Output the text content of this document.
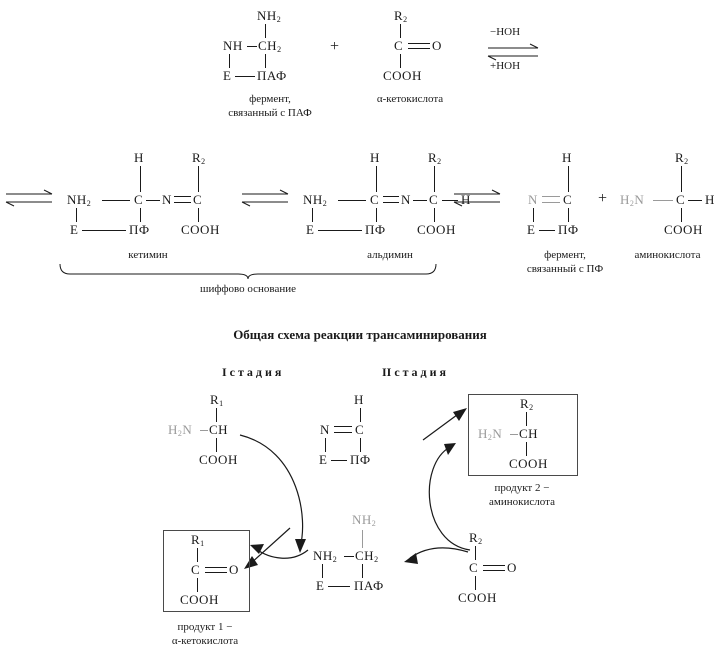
$NH_2$
NH $CH_2$
E ПАФ
фермент,
связанный с ПАФ
+
$R_2$
C O
COOH
α-кетокислота
−HOH
+HOH
H	$R_2$
$NH_2$	C N C
E	ПФ COOH
кетимин
H	$R_2$
$NH_2$	C N C H
E	ПФ COOH
альдимин
шиффово основание
H
N C
E ПФ
фермент,
связанный с ПФ
+
$R_2$
$H_2N$ C H
COOH
аминокислота
Общая схема реакции трансаминирования
I с т а д и я	II с т а д и я
$R_1$
$H_2N$ CH
COOH
$R_2$
C O
COOH
H
N C
E ПФ
$NH_2$
$NH_2$ $CH_2$
E ПАФ
$R_2$
$H_2N$ CH
COOH
продукт 2 −
аминокислота
$R_1$
C O
COOH
продукт 1 −
α-кетокислота
